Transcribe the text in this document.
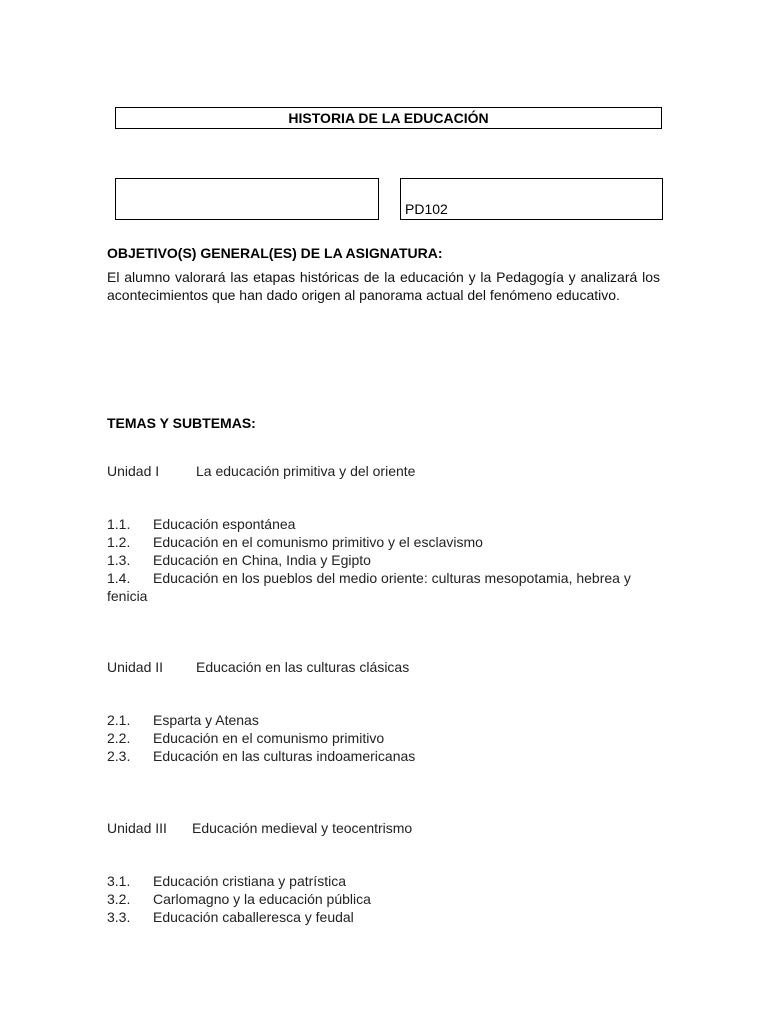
HISTORIA DE LA EDUCACIÓN
PD102
OBJETIVO(S) GENERAL(ES) DE LA ASIGNATURA:
El alumno valorará las etapas históricas de la educación y la Pedagogía y analizará los acontecimientos que han dado origen al panorama actual del fenómeno educativo.
TEMAS Y SUBTEMAS:
Unidad I	La educación primitiva y del oriente
1.1. Educación espontánea
1.2. Educación en el comunismo primitivo y el esclavismo
1.3. Educación en China, India y Egipto
1.4. Educación en los pueblos del medio oriente: culturas mesopotamia, hebrea y fenicia
Unidad II Educación en las culturas clásicas
2.1. Esparta y Atenas
2.2. Educación en el comunismo primitivo
2.3. Educación en las culturas indoamericanas
Unidad III Educación medieval y teocentrismo
3.1. Educación cristiana y patrística
3.2. Carlomagno y la educación pública
3.3. Educación caballeresca y feudal
